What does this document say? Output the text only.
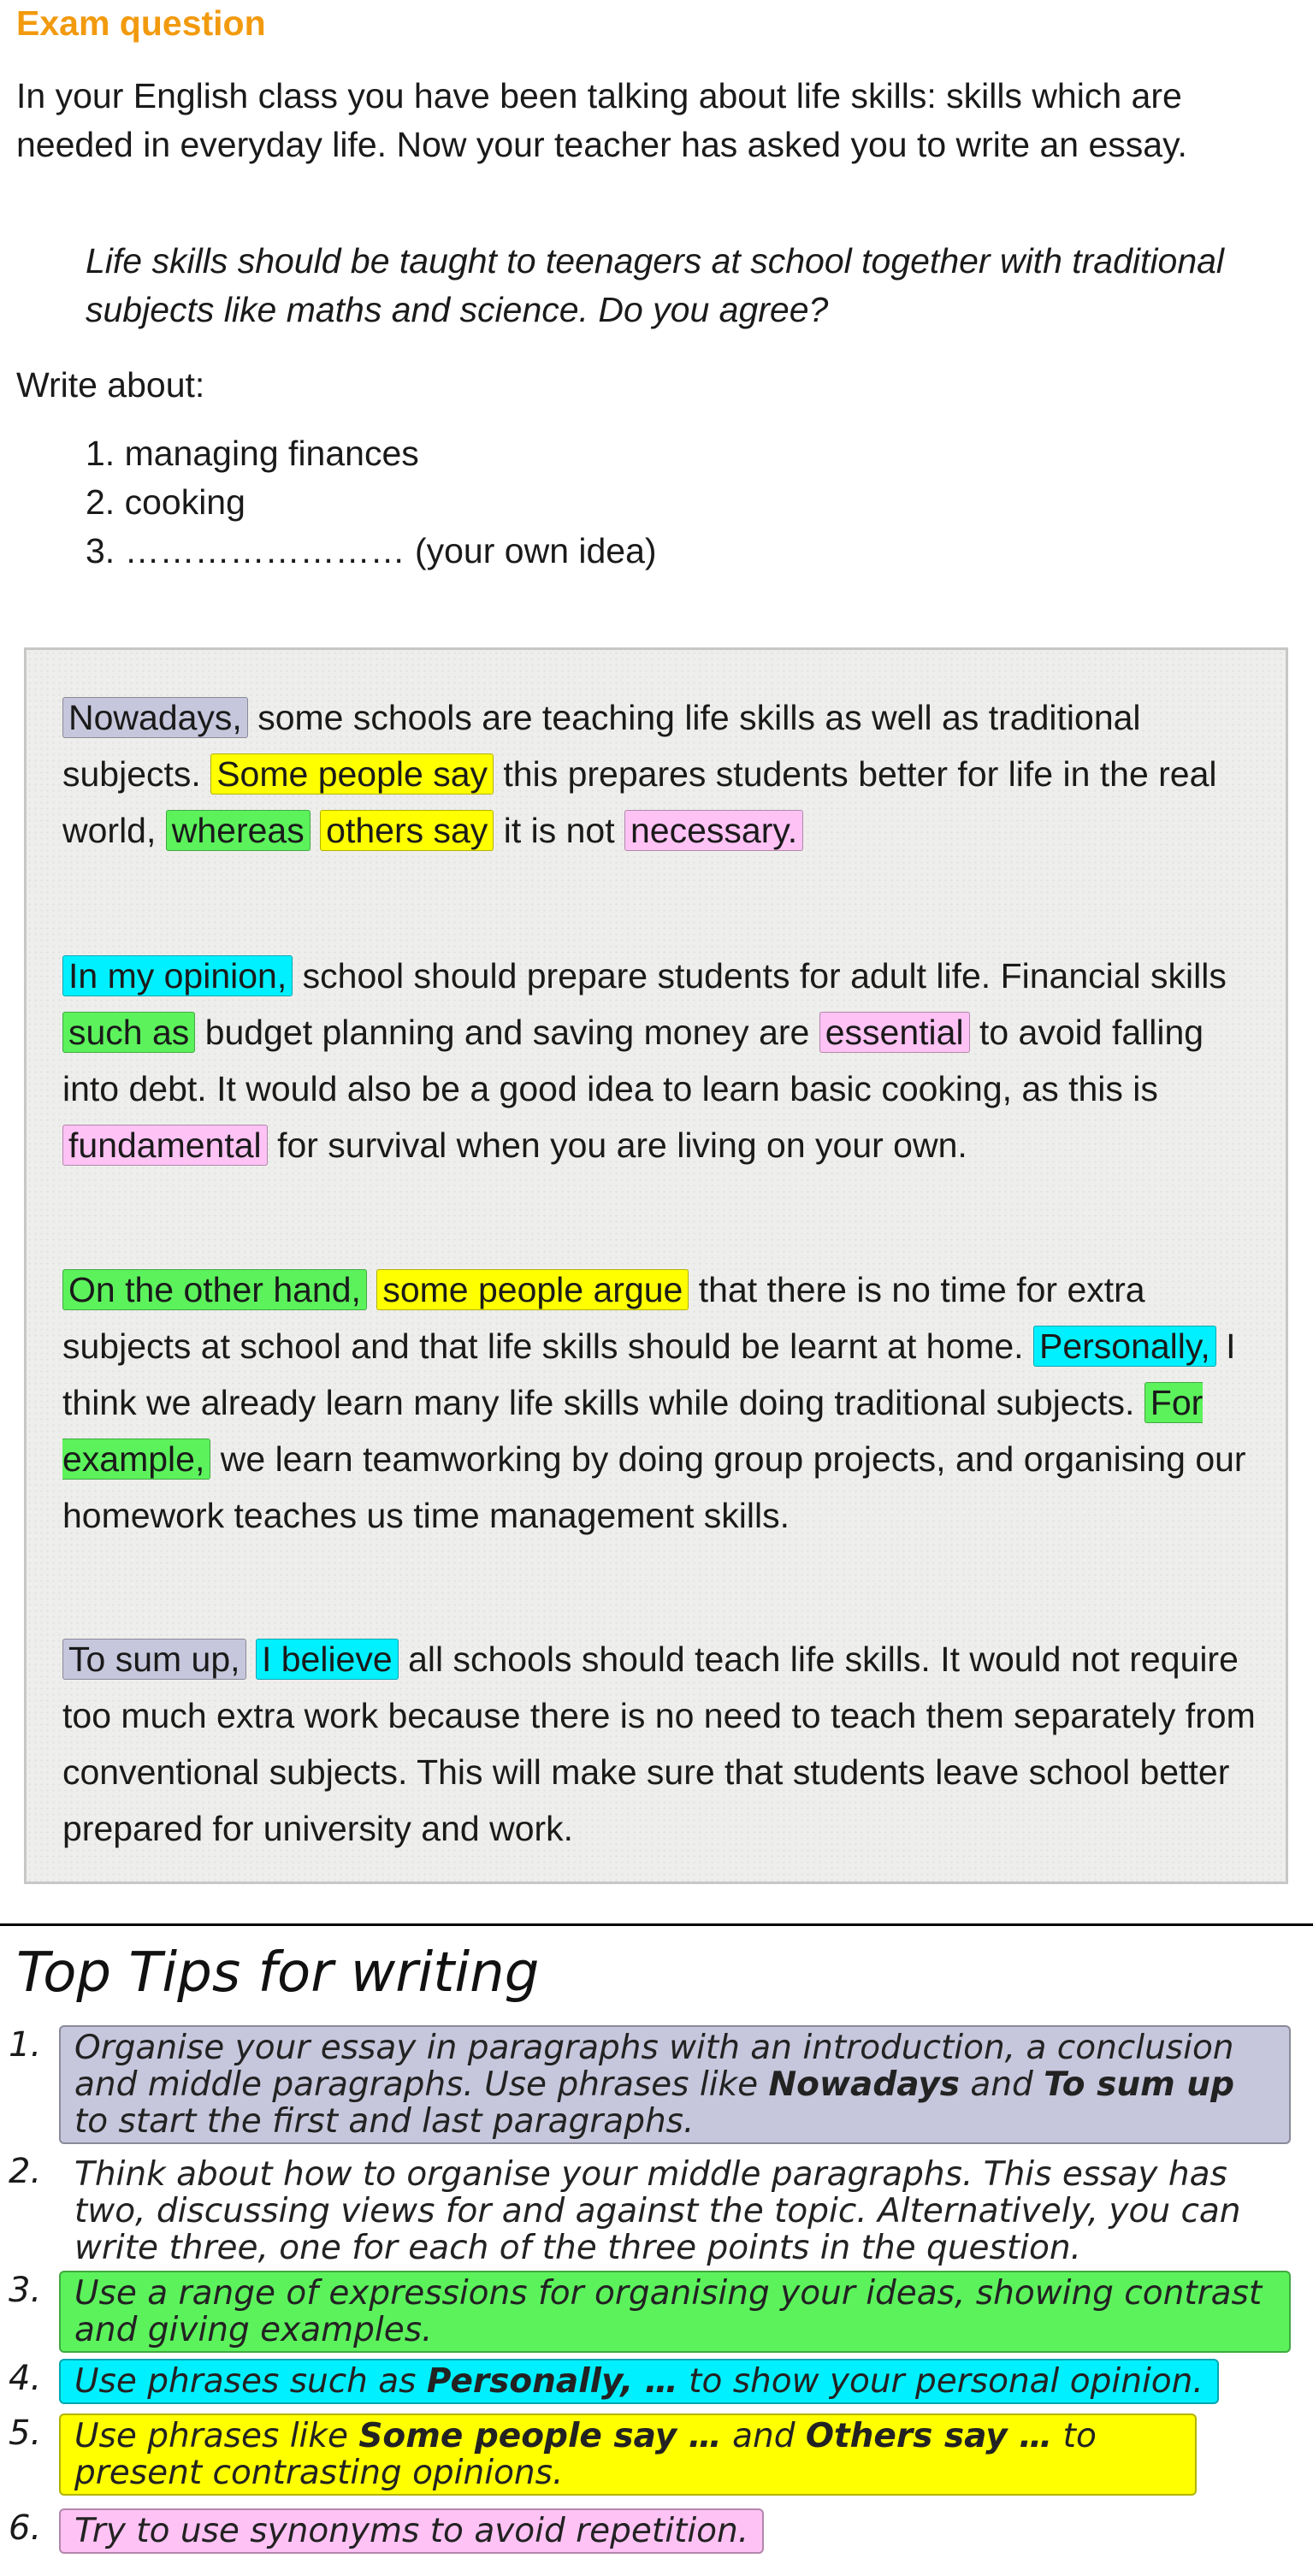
Exam question

In your English class you have been talking about life skills: skills which are needed in everyday life. Now your teacher has asked you to write an essay.

Life skills should be taught to teenagers at school together with traditional subjects like maths and science. Do you agree?

Write about:

1. managing finances
2. cooking
3. …………………… (your own idea)

Nowadays, some schools are teaching life skills as well as traditional subjects. Some people say this prepares students better for life in the real world, whereas others say it is not necessary.

In my opinion, school should prepare students for adult life. Financial skills such as budget planning and saving money are essential to avoid falling into debt. It would also be a good idea to learn basic cooking, as this is fundamental for survival when you are living on your own.

On the other hand, some people argue that there is no time for extra subjects at school and that life skills should be learnt at home. Personally, I think we already learn many life skills while doing traditional subjects. For example, we learn teamworking by doing group projects, and organising our homework teaches us time management skills.

To sum up, I believe all schools should teach life skills. It would not require too much extra work because there is no need to teach them separately from conventional subjects. This will make sure that students leave school better prepared for university and work.

Top Tips for writing
1. Organise your essay in paragraphs with an introduction, a conclusion and middle paragraphs. Use phrases like Nowadays and To sum up to start the first and last paragraphs.
2. Think about how to organise your middle paragraphs. This essay has two, discussing views for and against the topic. Alternatively, you can write three, one for each of the three points in the question.
3. Use a range of expressions for organising your ideas, showing contrast and giving examples.
4. Use phrases such as Personally, … to show your personal opinion.
5. Use phrases like Some people say … and Others say … to present contrasting opinions.
6. Try to use synonyms to avoid repetition.
